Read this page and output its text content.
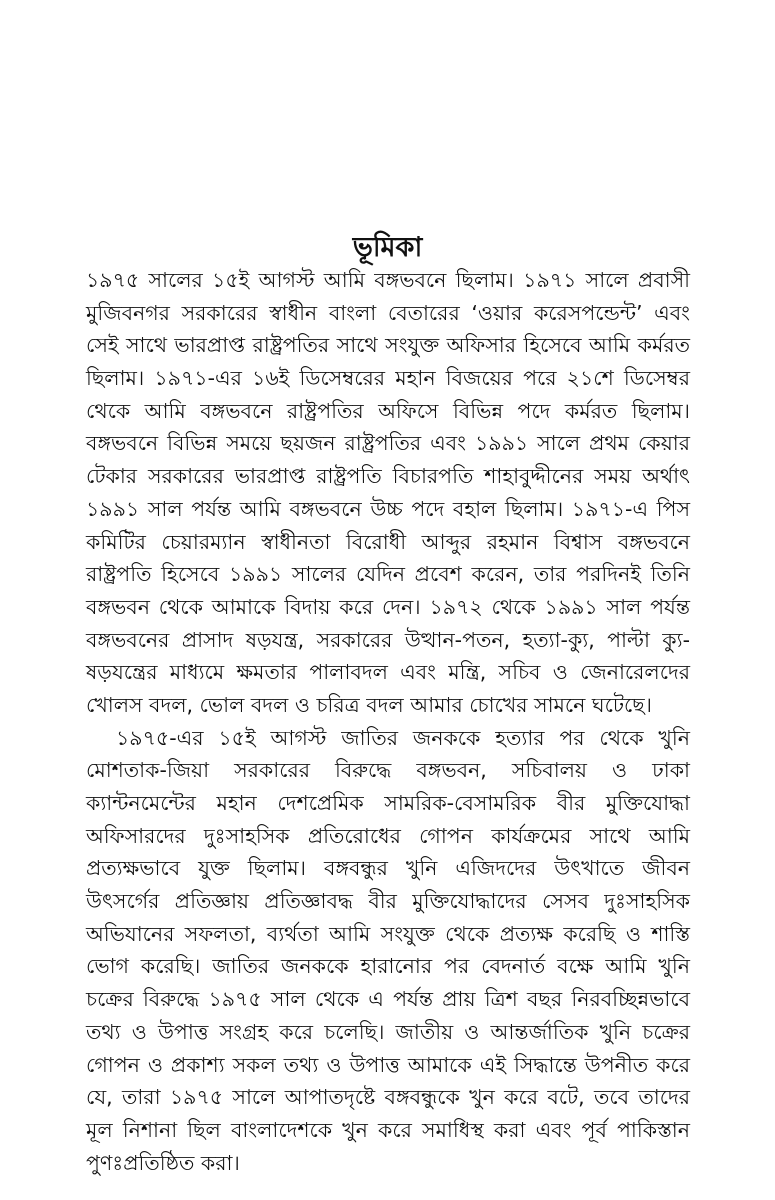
ভূমিকা
১৯৭৫ সালের ১৫ই আগস্ট আমি বঙ্গভবনে ছিলাম। ১৯৭১ সালে প্রবাসী
মুজিবনগর সরকারের স্বাধীন বাংলা বেতারের ‘ওয়ার করেসপন্ডেন্ট’ এবং
সেই সাথে ভারপ্রাপ্ত রাষ্ট্রপতির সাথে সংযুক্ত অফিসার হিসেবে আমি কর্মরত
ছিলাম। ১৯৭১-এর ১৬ই ডিসেম্বরের মহান বিজয়ের পরে ২১শে ডিসেম্বর
থেকে আমি বঙ্গভবনে রাষ্ট্রপতির অফিসে বিভিন্ন পদে কর্মরত ছিলাম।
বঙ্গভবনে বিভিন্ন সময়ে ছয়জন রাষ্ট্রপতির এবং ১৯৯১ সালে প্রথম কেয়ার
টেকার সরকারের ভারপ্রাপ্ত রাষ্ট্রপতি বিচারপতি শাহাবুদ্দীনের সময় অর্থাৎ
১৯৯১ সাল পর্যন্ত আমি বঙ্গভবনে উচ্চ পদে বহাল ছিলাম। ১৯৭১-এ পিস
কমিটির চেয়ারম্যান স্বাধীনতা বিরোধী আব্দুর রহমান বিশ্বাস বঙ্গভবনে
রাষ্ট্রপতি হিসেবে ১৯৯১ সালের যেদিন প্রবেশ করেন, তার পরদিনই তিনি
বঙ্গভবন থেকে আমাকে বিদায় করে দেন। ১৯৭২ থেকে ১৯৯১ সাল পর্যন্ত
বঙ্গভবনের প্রাসাদ ষড়যন্ত্র, সরকারের উত্থান-পতন, হত্যা-ক্যু, পাল্টা ক্যু-
ষড়যন্ত্রের মাধ্যমে ক্ষমতার পালাবদল এবং মন্ত্রি, সচিব ও জেনারেলদের
খোলস বদল, ভোল বদল ও চরিত্র বদল আমার চোখের সামনে ঘটেছে।
১৯৭৫-এর ১৫ই আগস্ট জাতির জনককে হত্যার পর থেকে খুনি
মোশতাক-জিয়া সরকারের বিরুদ্ধে বঙ্গভবন, সচিবালয় ও ঢাকা
ক্যান্টনমেন্টের মহান দেশপ্রেমিক সামরিক-বেসামরিক বীর মুক্তিযোদ্ধা
অফিসারদের দুঃসাহসিক প্রতিরোধের গোপন কার্যক্রমের সাথে আমি
প্রত্যক্ষভাবে যুক্ত ছিলাম। বঙ্গবন্ধুর খুনি এজিদদের উৎখাতে জীবন
উৎসর্গের প্রতিজ্ঞায় প্রতিজ্ঞাবদ্ধ বীর মুক্তিযোদ্ধাদের সেসব দুঃসাহসিক
অভিযানের সফলতা, ব্যর্থতা আমি সংযুক্ত থেকে প্রত্যক্ষ করেছি ও শাস্তি
ভোগ করেছি। জাতির জনককে হারানোর পর বেদনার্ত বক্ষে আমি খুনি
চক্রের বিরুদ্ধে ১৯৭৫ সাল থেকে এ পর্যন্ত প্রায় ত্রিশ বছর নিরবচ্ছিন্নভাবে
তথ্য ও উপাত্ত সংগ্রহ করে চলেছি। জাতীয় ও আন্তর্জাতিক খুনি চক্রের
গোপন ও প্রকাশ্য সকল তথ্য ও উপাত্ত আমাকে এই সিদ্ধান্তে উপনীত করে
যে, তারা ১৯৭৫ সালে আপাতদৃষ্টে বঙ্গবন্ধুকে খুন করে বটে, তবে তাদের
মূল নিশানা ছিল বাংলাদেশকে খুন করে সমাধিস্থ করা এবং পূর্ব পাকিস্তান
পুণঃপ্রতিষ্ঠিত করা।
